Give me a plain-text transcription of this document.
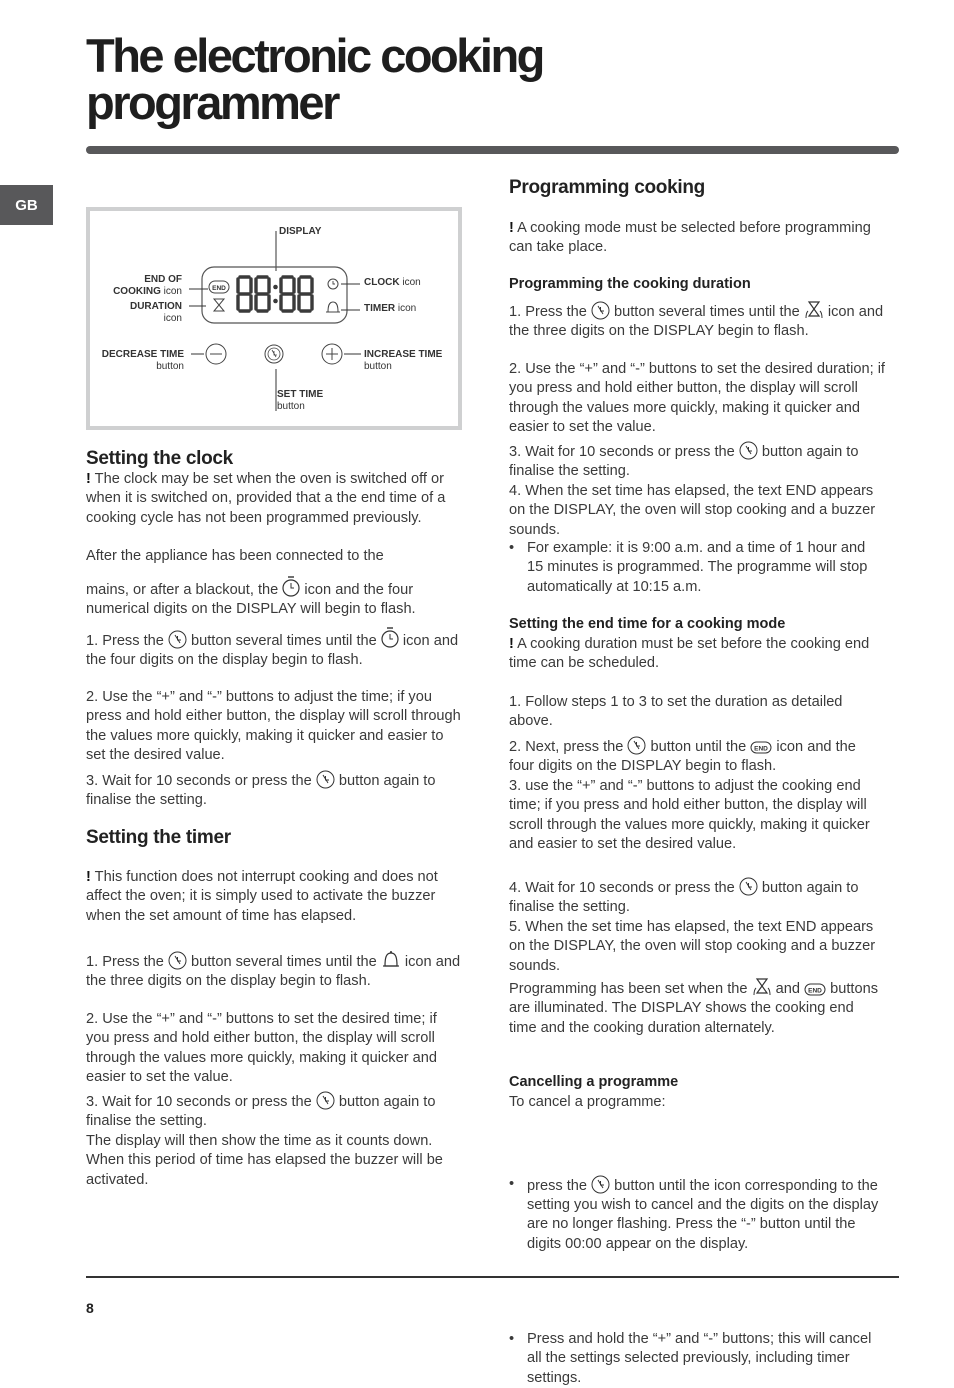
The electronic cooking
programmer
GB
END
DISPLAY
END OF
COOKING icon
DURATION
icon
CLOCK icon
TIMER icon
DECREASE TIME
button
INCREASE TIME
button
SET TIME
button
Setting the clock

! The clock may be set when the oven is switched off or when it is switched on, provided that a the end time of a cooking cycle has not been programmed previously.

After the appliance has been connected to the

mains, or after a blackout, the icon and the four numerical digits on the DISPLAY will begin to flash.

1. Press the button several times until the icon and the four digits on the display begin to flash.

2. Use the “+” and “-” buttons to adjust the time; if you press and hold either button, the display will scroll through the values more quickly, making it quicker and easier to set the desired value.

3. Wait for 10 seconds or press the button again to finalise the setting.

Setting the timer

! This function does not interrupt cooking and does not affect the oven; it is simply used to activate the buzzer when the set amount of time has elapsed.

1. Press the button several times until the icon and the three digits on the display begin to flash.

2. Use the “+” and “-” buttons to set the desired time; if you press and hold either button, the display will scroll through the values more quickly, making it quicker and easier to set the value.

3. Wait for 10 seconds or press the button again to finalise the setting.

The display will then show the time as it counts down. When this period of time has elapsed the buzzer will be activated.

Programming cooking

! A cooking mode must be selected before programming can take place.

Programming the cooking duration

1. Press the button several times until the icon and the three digits on the DISPLAY begin to flash.

2. Use the “+” and “-” buttons to set the desired duration; if you press and hold either button, the display will scroll through the values more quickly, making it quicker and easier to set the value.

3. Wait for 10 seconds or press the button again to finalise the setting.

4. When the set time has elapsed, the text END appears on the DISPLAY, the oven will stop cooking and a buzzer sounds.

• For example: it is 9:00 a.m. and a time of 1 hour and 15 minutes is programmed. The programme will stop automatically at 10:15 a.m.

Setting the end time for a cooking mode

! A cooking duration must be set before the cooking end time can be scheduled.

1. Follow steps 1 to 3 to set the duration as detailed above.

2. Next, press the button until the END icon and the four digits on the DISPLAY begin to flash.

3. use the “+” and “-” buttons to adjust the cooking end time; if you press and hold either button, the display will scroll through the values more quickly, making it quicker and easier to set the desired value.

4. Wait for 10 seconds or press the button again to finalise the setting.

5. When the set time has elapsed, the text END appears on the DISPLAY, the oven will stop cooking and a buzzer sounds.

Programming has been set when the and END buttons are illuminated. The DISPLAY shows the cooking end time and the cooking duration alternately.

Cancelling a programme

To cancel a programme:

• press the button until the icon corresponding to the setting you wish to cancel and the digits on the display are no longer flashing. Press the “-” button until the digits 00:00 appear on the display.

• Press and hold the “+” and “-” buttons; this will cancel all the settings selected previously, including timer settings.

8
